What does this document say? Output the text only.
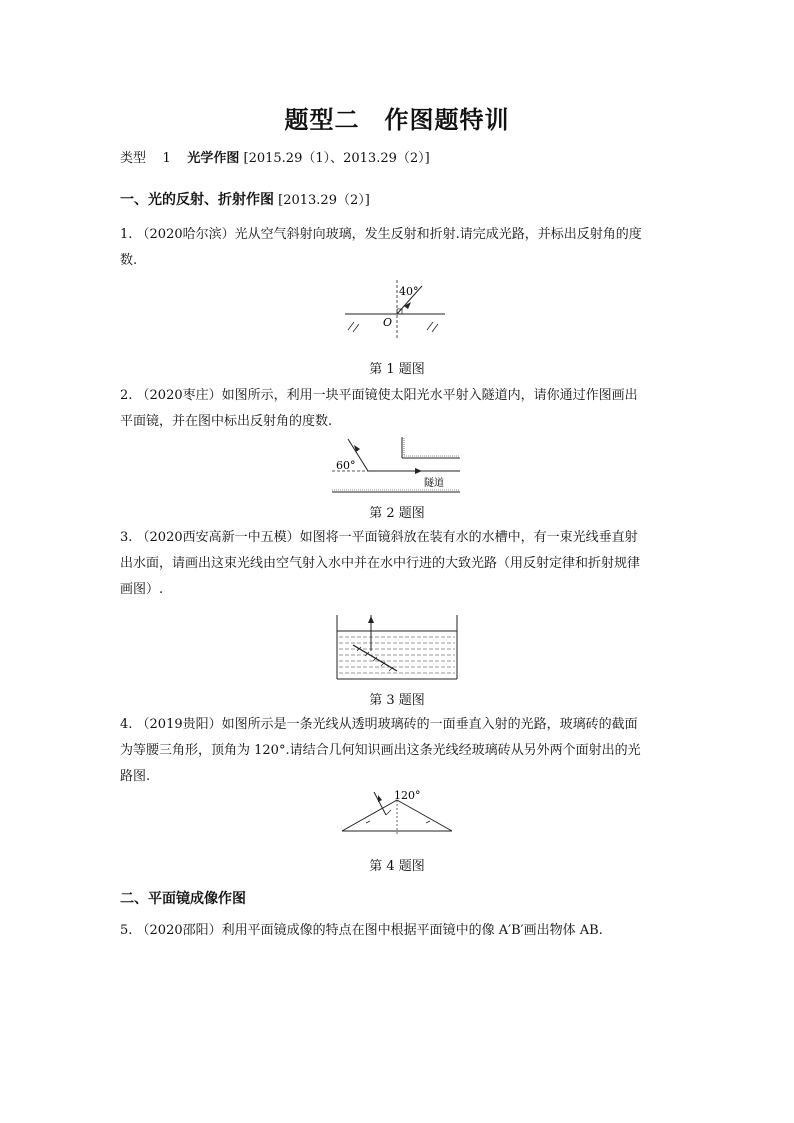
题型二　作图题特训
类型 1 光学作图 [2015.29（1）、2013.29（2）]
一、光的反射、折射作图 [2013.29（2）]
1. （2020哈尔滨）光从空气斜射向玻璃，发生反射和折射.请完成光路，并标出反射角的度
数.
40°
O
第 1 题图
2. （2020枣庄）如图所示，利用一块平面镜使太阳光水平射入隧道内，请你通过作图画出
平面镜，并在图中标出反射角的度数.
60°
隧道
第 2 题图
3. （2020西安高新一中五模）如图将一平面镜斜放在装有水的水槽中，有一束光线垂直射
出水面，请画出这束光线由空气射入水中并在水中行进的大致光路（用反射定律和折射规律
画图）.
第 3 题图
4. （2019贵阳）如图所示是一条光线从透明玻璃砖的一面垂直入射的光路，玻璃砖的截面
为等腰三角形，顶角为 120°.请结合几何知识画出这条光线经玻璃砖从另外两个面射出的光
路图.
120°
第 4 题图
二、平面镜成像作图
5. （2020邵阳）利用平面镜成像的特点在图中根据平面镜中的像 A′B′画出物体 AB.
